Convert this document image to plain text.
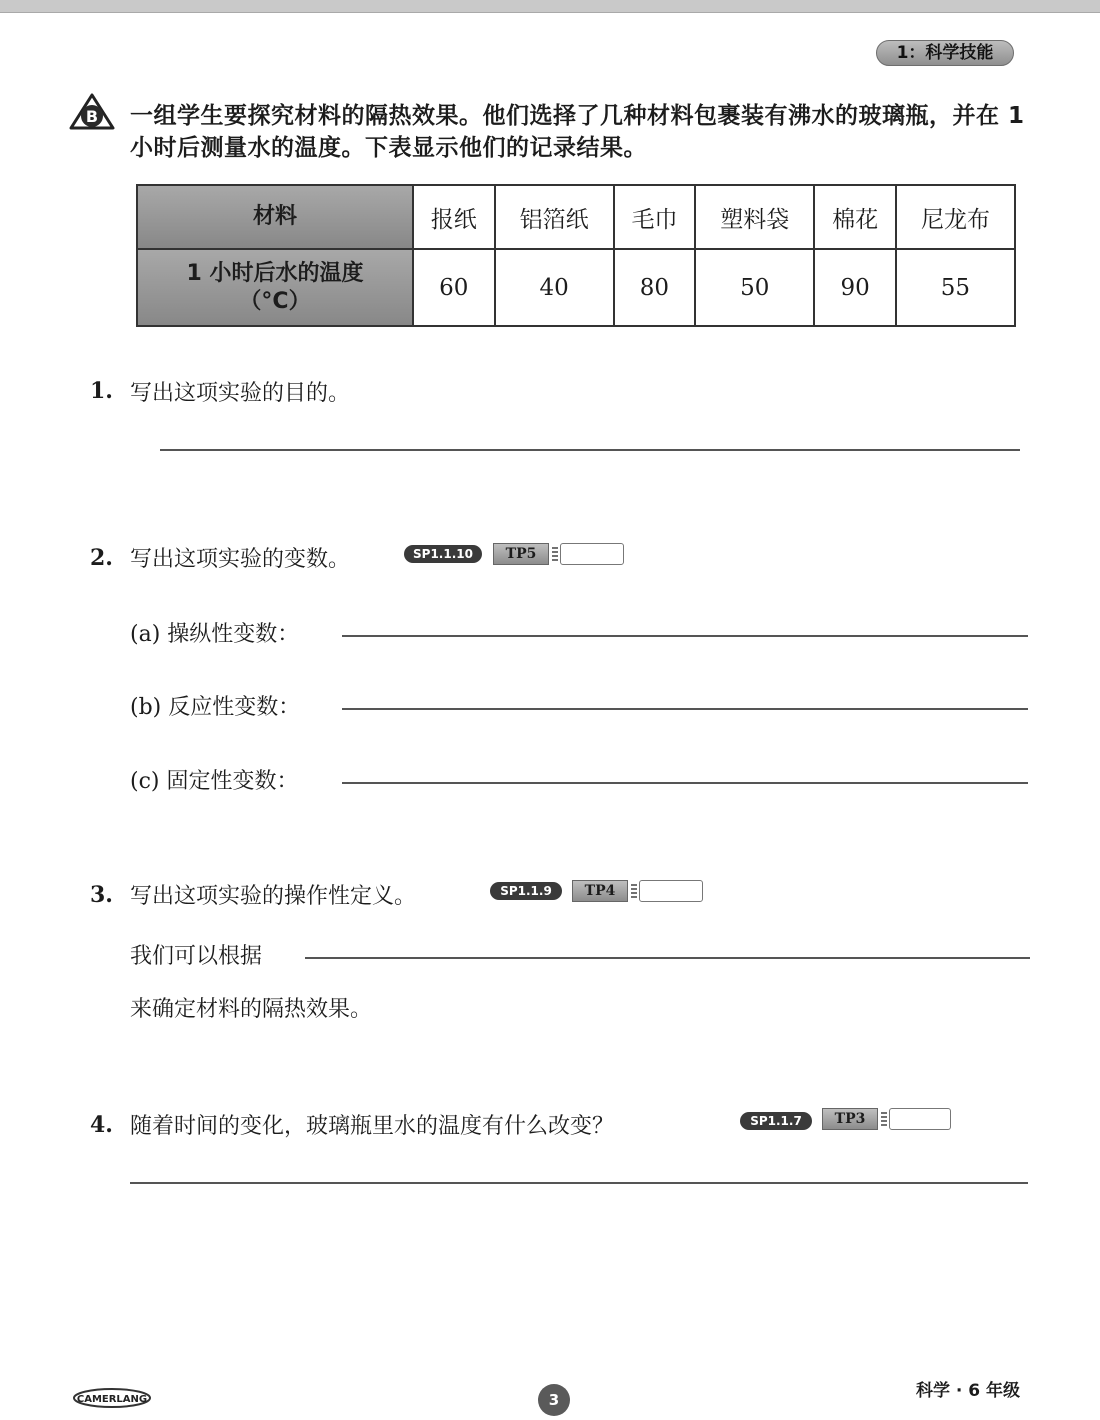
1：科学技能
B 一组学生要探究材料的隔热效果。他们选择了几种材料包裹装有沸水的玻璃瓶，并在 1 小时后测量水的温度。下表显示他们的记录结果。
材料	报纸	铝箔纸	毛巾	塑料袋	棉花	尼龙布

1 小时后水的温度
（°C）	60	40	80	50	90	55
1. 写出这项实验的目的。
2. 写出这项实验的变数。	SP1.1.10	TP5
(a) 操纵性变数：
(b) 反应性变数：
(c) 固定性变数：
3. 写出这项实验的操作性定义。	SP1.1.9	TP4
我们可以根据
来确定材料的隔热效果。
4. 随着时间的变化，玻璃瓶里水的温度有什么改变？	SP1.1.7	TP3
CAMERLANG	3	科学 · 6 年级
